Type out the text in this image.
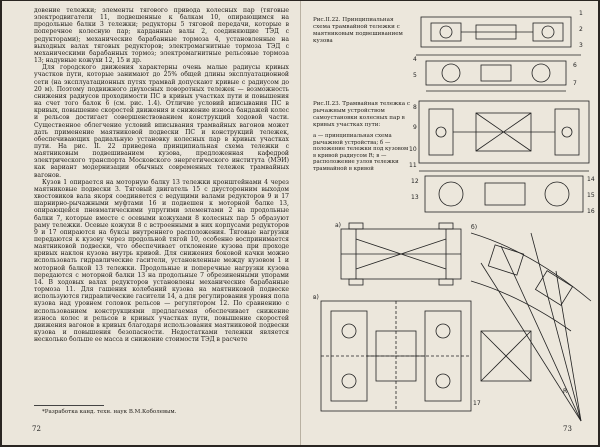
довение тележки; элементы тягового привода колесных пар (тяговые электродвигатели 11, подвешенные к балкам 10, опирающимся на продольные балки 3 тележки; редукторы 5 тяговой передачи, которые в поперечное колесную пар; карданные валы 2, соединяющие ТЭД с редукторами); механические барабанные тормоза 4, установленные на выходных валах тяговых редукторов; электромагнитные тормоза ТЭД с механическими барабанных тормоз; электромагнитные рельсовые тормоза 13; надувные кожухи 12, 15 и др.

Для городского движения характерны очень малые радиусы кривых участков пути, которые занимают до 25% общей длины эксплуатационной сети (на эксплуатационных путях трамвай допускают кривые с радиусом до 20 м). Поэтому подвижного двухосных поворотных тележек — возможность снижения радиусов проходимости ПС в кривых участках пути и повышения на счет того балок 6 (см. рис. 1.4). Отличие условий вписывания ПС в кривых, повышение скоростей движения и снижение износа бандажей колес и рельсов достигает совершенствованием конструкций ходовой части. Существенное облегчение условий вписывания трамвайных вагонов может дать применение маятниковой подвески ПС и конструкций тележек, обеспечивающих радиальную установку колесных пар в кривых участках пути. На рис. II. 22 приведена принципиальная схема тележки с маятниковым подвешиванием кузова, предложенная кафедрой электрического транспорта Московского энергетического института (МЭИ) как вариант модернизации обычных современных тележек трамвайных вагонов.

Кузов 1 опирается на моторную балку 13 тележки кронштейнами 4 через маятниковые подвески 3. Тяговый двигатель 15 с двусторонним выходом хвостовиков вала якоря соединяется с ведущими валами редукторов 9 и 17 шарнирно-рычажными муфтами 16 и подвешен к моторной балке 13, опирающейся пневматическими упругими элементами 2 на продольные балки 7, которые вместе с осевыми кожухами 8 колесных пар 5 образуют раму тележки. Осевые кожухи 8 с встроенными в них корпусами редукторов 9 и 17 опираются на буксы внутреннего расположения. Тяговые нагрузки передаются к кузову через продольной тягой 10, особенно воспринимается маятниковой подвески, что обеспечивает отклонение кузова при проходе кривых наклон кузова внутрь кривой. Для снижения боковой качки можно использовать гидравлические гасители, установленные между кузовом 1 и моторной балкой 13 тележки. Продольные и поперечные нагрузки кузова передаются с моторной балки 13 на продольные 7 обрезиненными упорами 14. В ходовых валах редукторов установлены механические барабанные тормоза 11. Для гашения колебаний кузова на маятниковой подвеске используются гидравлические гасители 14, а для регулирования уровня пола кузова над уровнем головок рельсов — регулятором 12. По сравнению с использованием конструкциями предлагаемая обеспечивает снижение износа колес и рельсов в кривых участках пути, повышение скоростей движения вагонов в кривых благодаря использования маятниковой подвески кузова и повышения безопасности. Недостатками тележки является несколько больше ее масса и снижение стоимости ТЭД в расчете

*Разработка канд. техн. наук В.М.Коболевым.
72
Рис.II.22. Принципиальная схема трамвайной тележки с маятниковым подвешиванием кузова
Рис.II.23. Трамвайная тележка с рычажным устройством самоустановки колесных пар в кривых участках пути:
а — принципиальная схема рычажной устройства; б — положение тележки под кузовом в кривой радиусом R; в — расположение узлов тележки трамвайной в кривой
а)	б)
в)
R
1
2
3
4
5
6
7
8
9
10
11
12
13
14
15
16
17
73
